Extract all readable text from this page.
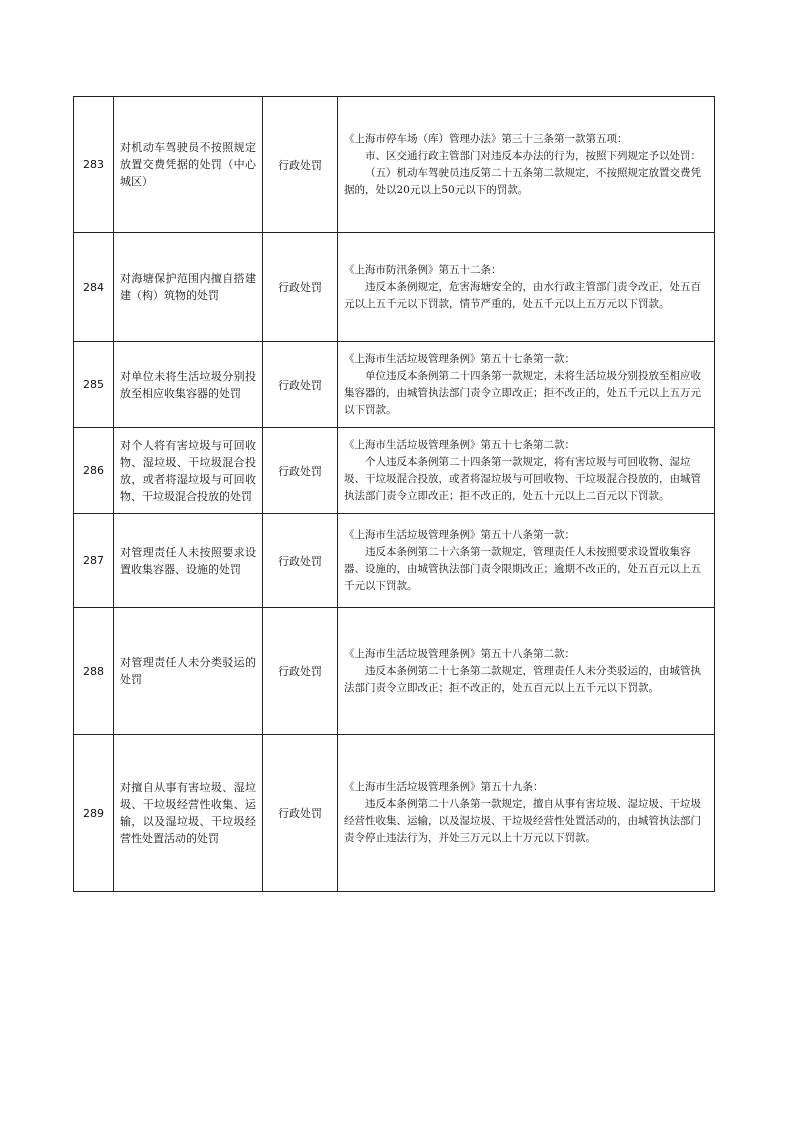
283	对机动车驾驶员不按照规定放置交费凭据的处罚（中心城区）	行政处罚	《上海市停车场（库）管理办法》第三十三条第一款第五项：
市、区交通行政主管部门对违反本办法的行为，按照下列规定予以处罚：
（五）机动车驾驶员违反第二十五条第二款规定，不按照规定放置交费凭据的，处以20元以上50元以下的罚款。

284	对海塘保护范围内擅自搭建建（构）筑物的处罚	行政处罚	《上海市防汛条例》第五十二条：
违反本条例规定，危害海塘安全的，由水行政主管部门责令改正，处五百元以上五千元以下罚款，情节严重的，处五千元以上五万元以下罚款。

285	对单位未将生活垃圾分别投放至相应收集容器的处罚	行政处罚	《上海市生活垃圾管理条例》第五十七条第一款：
单位违反本条例第二十四条第一款规定，未将生活垃圾分别投放至相应收集容器的，由城管执法部门责令立即改正；拒不改正的，处五千元以上五万元以下罚款。

286	对个人将有害垃圾与可回收物、湿垃圾、干垃圾混合投放，或者将湿垃圾与可回收物、干垃圾混合投放的处罚	行政处罚	《上海市生活垃圾管理条例》第五十七条第二款：
个人违反本条例第二十四条第一款规定，将有害垃圾与可回收物、湿垃圾、干垃圾混合投放，或者将湿垃圾与可回收物、干垃圾混合投放的，由城管执法部门责令立即改正；拒不改正的，处五十元以上二百元以下罚款。

287	对管理责任人未按照要求设置收集容器、设施的处罚	行政处罚	《上海市生活垃圾管理条例》第五十八条第一款：
违反本条例第二十六条第一款规定，管理责任人未按照要求设置收集容器、设施的，由城管执法部门责令限期改正；逾期不改正的，处五百元以上五千元以下罚款。

288	对管理责任人未分类驳运的处罚	行政处罚	《上海市生活垃圾管理条例》第五十八条第二款：
违反本条例第二十七条第二款规定，管理责任人未分类驳运的，由城管执法部门责令立即改正；拒不改正的，处五百元以上五千元以下罚款。

289	对擅自从事有害垃圾、湿垃圾、干垃圾经营性收集、运输，以及湿垃圾、干垃圾经营性处置活动的处罚	行政处罚	《上海市生活垃圾管理条例》第五十九条：
违反本条例第二十八条第一款规定，擅自从事有害垃圾、湿垃圾、干垃圾经营性收集、运输，以及湿垃圾、干垃圾经营性处置活动的，由城管执法部门责令停止违法行为，并处三万元以上十万元以下罚款。
